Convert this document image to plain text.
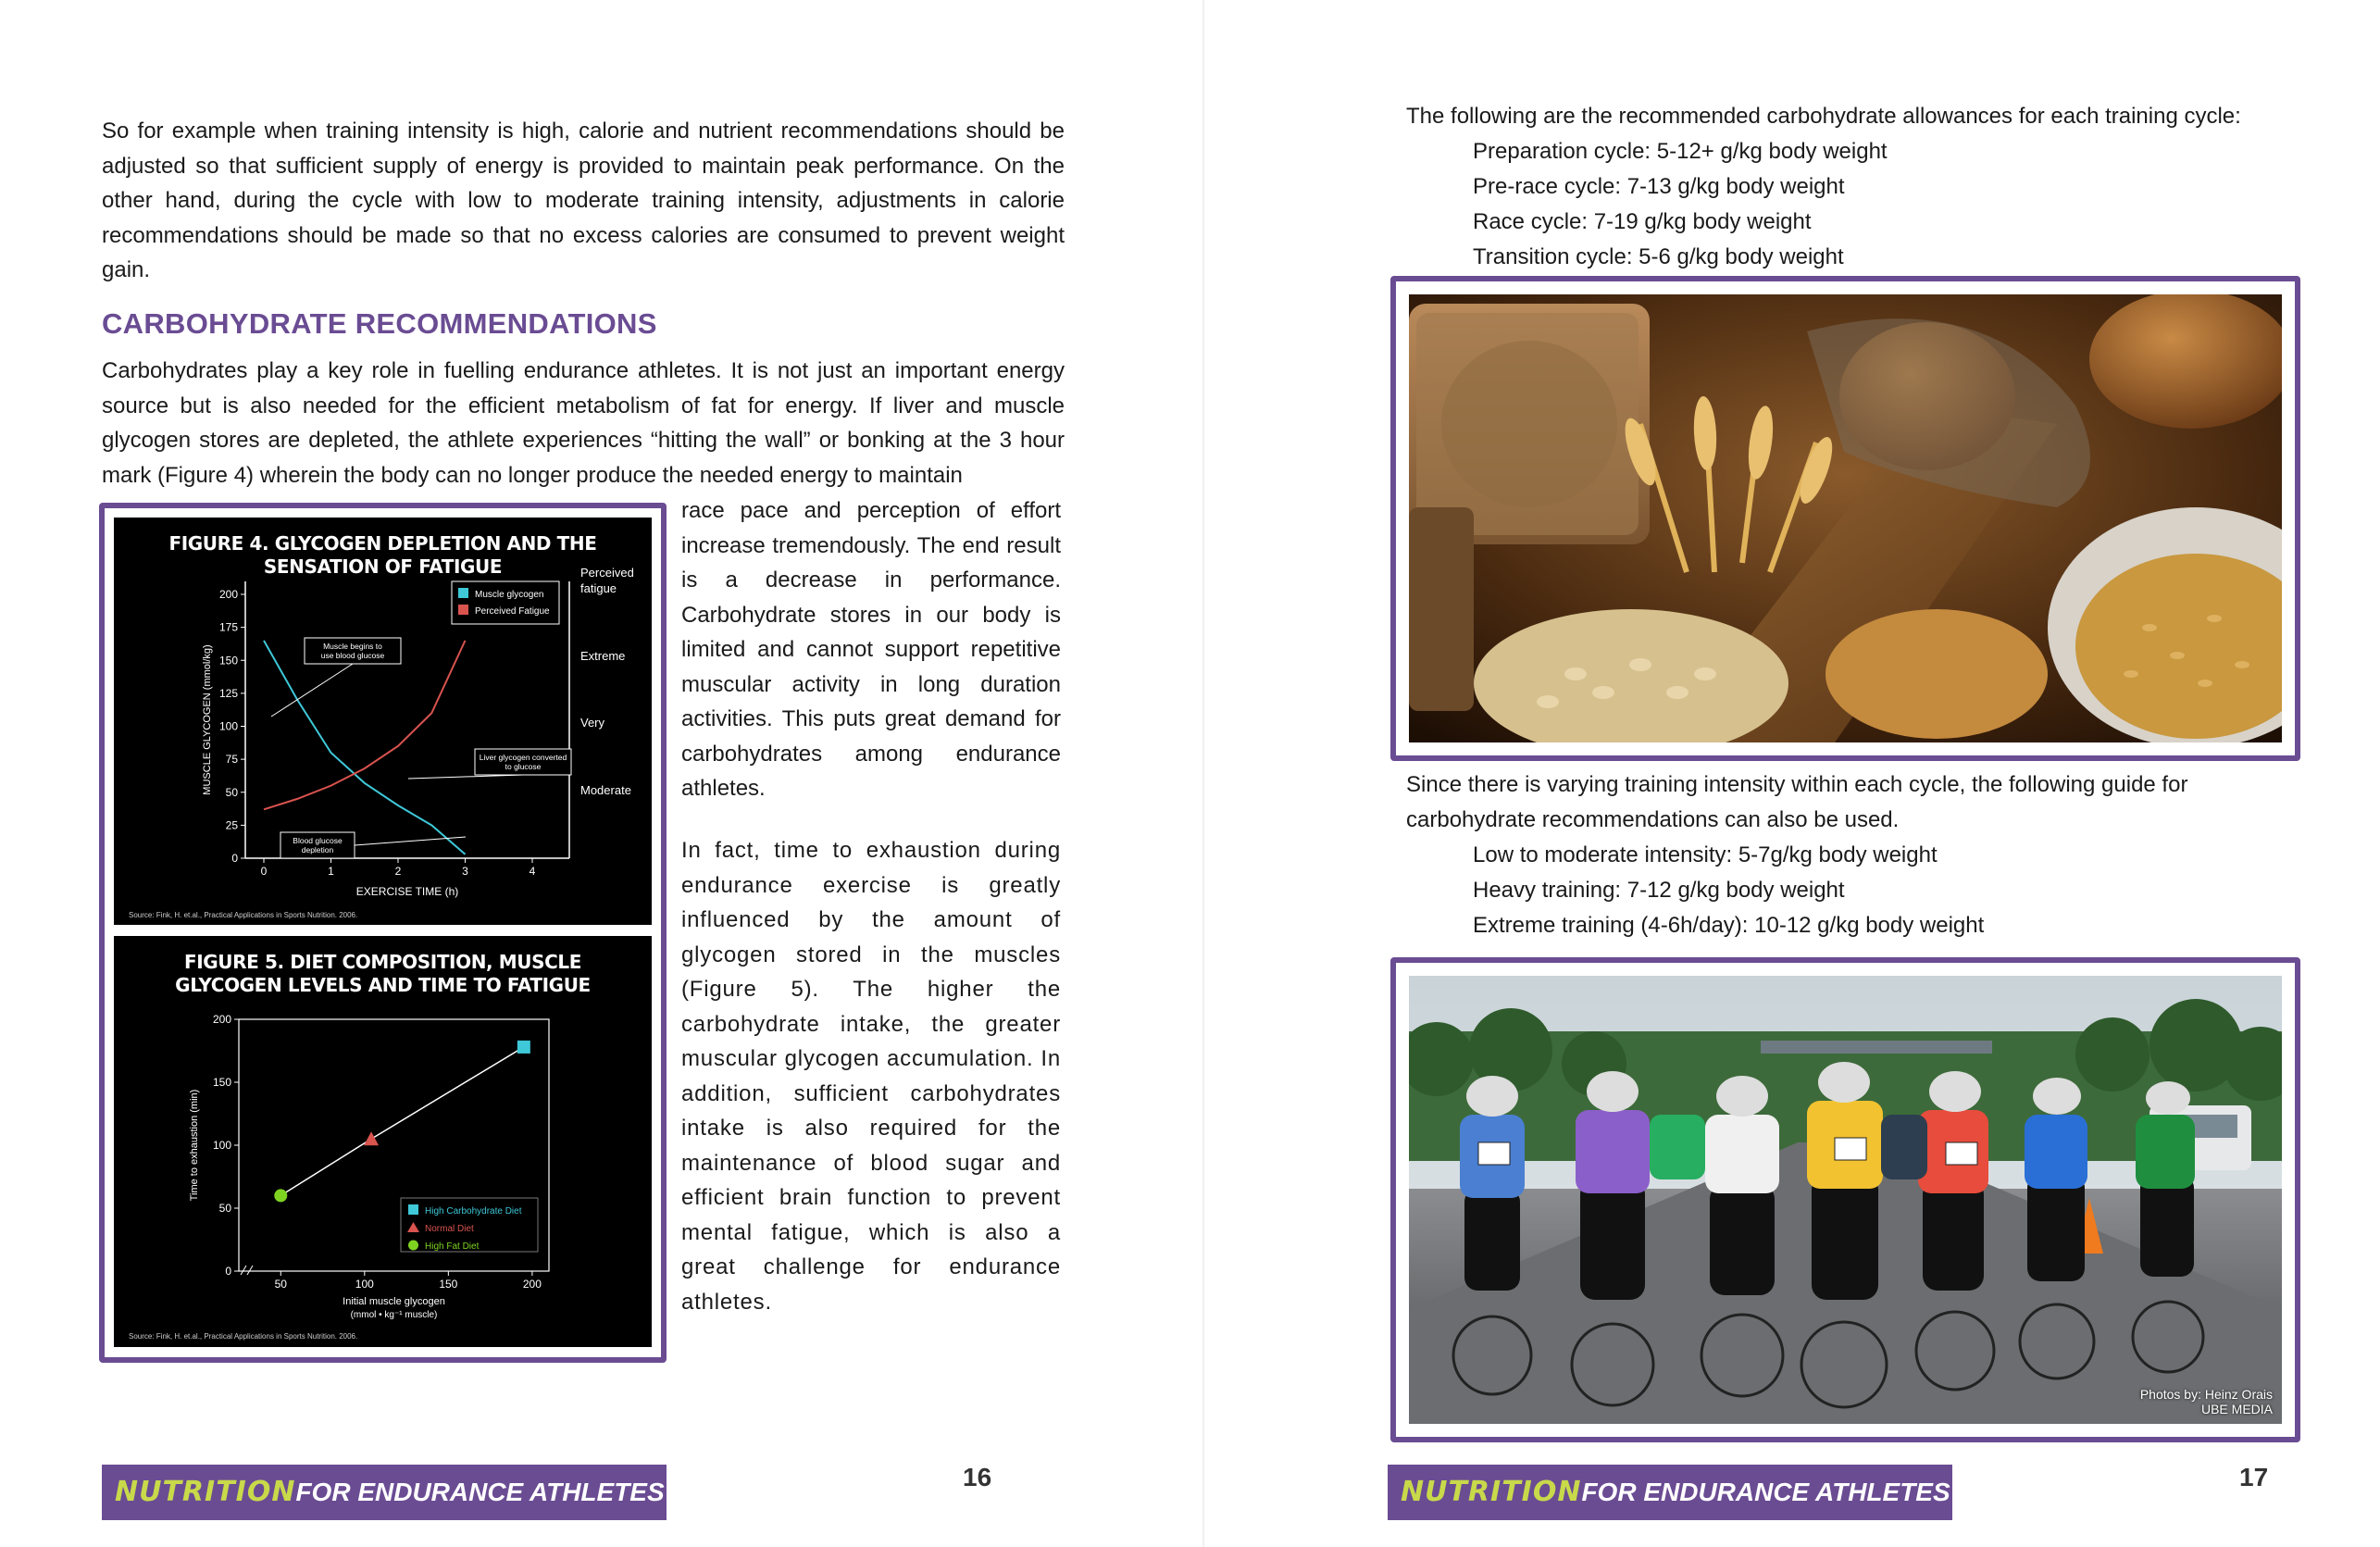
So for example when training intensity is high, calorie and nutrient recommendations should be adjusted so that sufficient supply of energy is provided to maintain peak performance. On the other hand, during the cycle with low to moderate training intensity, adjustments in calorie recommendations should be made so that no excess calories are consumed to prevent weight gain.

CARBOHYDRATE RECOMMENDATIONS

Carbohydrates play a key role in fuelling endurance athletes. It is not just an important energy source but is also needed for the efficient metabolism of fat for energy. If liver and muscle glycogen stores are depleted, the athlete experiences “hitting the wall” or bonking at the 3 hour mark (Figure 4) wherein the body can no longer produce the needed energy to maintain

FIGURE 4. GLYCOGEN DEPLETION AND THE SENSATION OF FATIGUE
0
25
50
75
100
125
150
175
200
0	1	2	3	4
EXERCISE TIME (h)
MUSCLE GLYCOGEN (mmol/kg)
Perceived
fatigue
Extreme
Very
Moderate
Muscle glycogen
Perceived Fatigue
Muscle begins to use blood glucose
Liver glycogen converted to glucose
Blood glucose depletion
Source: Fink, H. et.al., Practical Applications in Sports Nutrition. 2006.
FIGURE 5. DIET COMPOSITION, MUSCLE GLYCOGEN LEVELS AND TIME TO FATIGUE
0
50
100
150
200
50	100	150	200
Initial muscle glycogen
(mmol • kg⁻¹ muscle)
Time to exhaustion (min)
High Carbohydrate Diet
Normal Diet
High Fat Diet
Source: Fink, H. et.al., Practical Applications in Sports Nutrition. 2006.

race pace and perception of effort increase tremendously. The end result is a decrease in performance. Carbohydrate stores in our body is limited and cannot support repetitive muscular activity in long duration activities. This puts great demand for carbohydrates among endurance athletes.

In fact, time to exhaustion during endurance exercise is greatly influenced by the amount of glycogen stored in the muscles (Figure 5). The higher the carbohydrate intake, the greater muscular glycogen accumulation. In addition, sufficient carbohydrates intake is also required for the maintenance of blood sugar and efficient brain function to prevent mental fatigue, which is also a great challenge for endurance athletes.

NUTRITIONFOR ENDURANCE ATHLETES
16
The following are the recommended carbohydrate allowances for each training cycle:
Preparation cycle: 5-12+ g/kg body weight
Pre-race cycle: 7-13 g/kg body weight
Race cycle: 7-19 g/kg body weight
Transition cycle: 5-6 g/kg body weight
Since there is varying training intensity within each cycle, the following guide for carbohydrate recommendations can also be used.
Low to moderate intensity: 5-7g/kg body weight
Heavy training: 7-12 g/kg body weight
Extreme training (4-6h/day): 10-12 g/kg body weight
Photos by: Heinz Orais
UBE MEDIA
NUTRITIONFOR ENDURANCE ATHLETES
17
